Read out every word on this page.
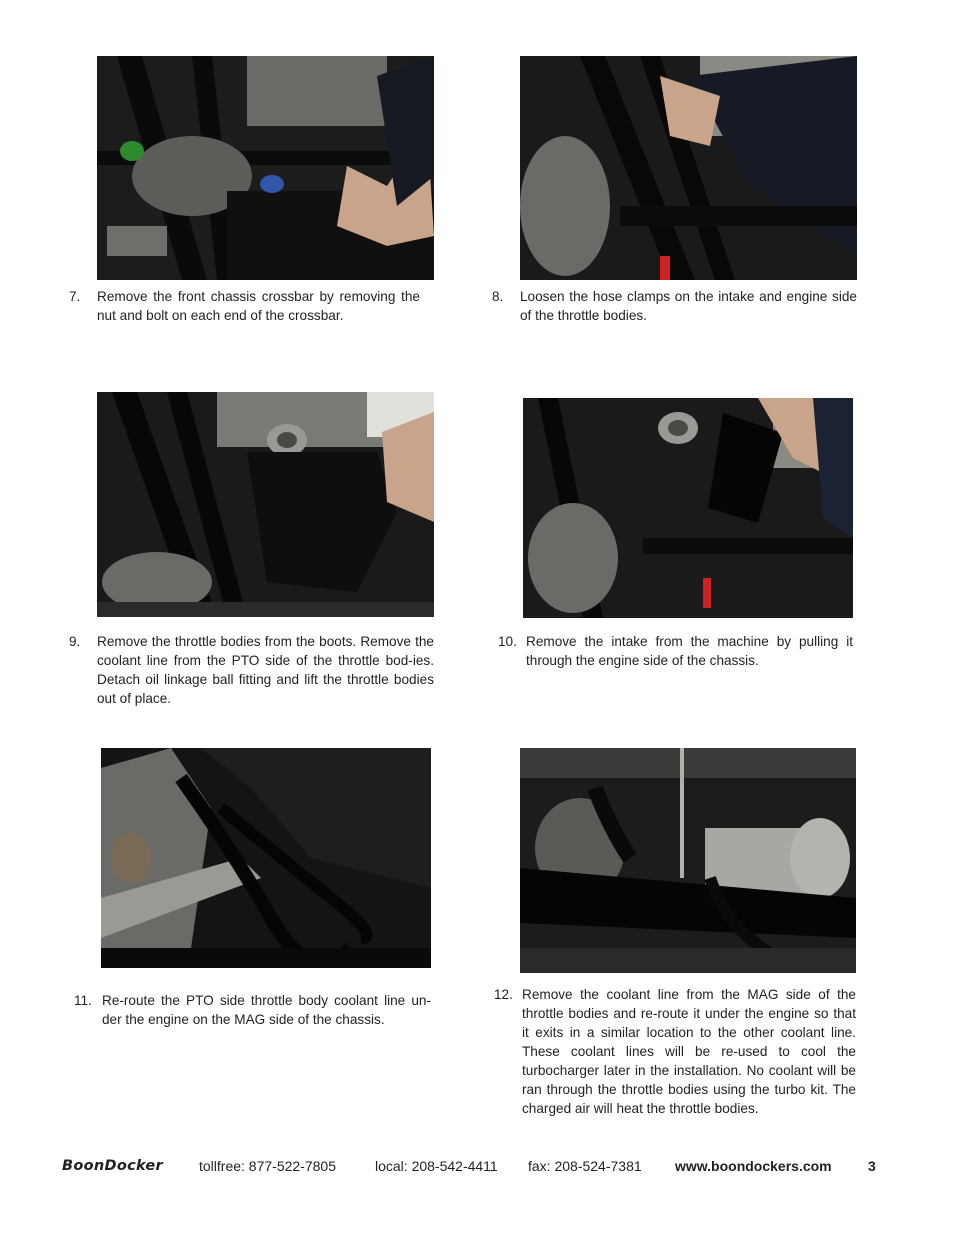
7. Remove the front chassis crossbar by removing the nut and bolt on each end of the crossbar.
8. Loosen the hose clamps on the intake and engine side of the throttle bodies.
9. Remove the throttle bodies from the boots. Remove the coolant line from the PTO side of the throttle bod-ies. Detach oil linkage ball fitting and lift the throttle bodies out of place.
10. Remove the intake from the machine by pulling it through the engine side of the chassis.
11. Re-route the PTO side throttle body coolant line un-der the engine on the MAG side of the chassis.
12. Remove the coolant line from the MAG side of the throttle bodies and re-route it under the engine so that it exits in a similar location to the other coolant line. These coolant lines will be re-used to cool the turbocharger later in the installation. No coolant will be ran through the throttle bodies using the turbo kit. The charged air will heat the throttle bodies.
BoonDocker	tollfree: 877-522-7805	local: 208-542-4411 fax: 208-524-7381 www.boondockers.com	3
